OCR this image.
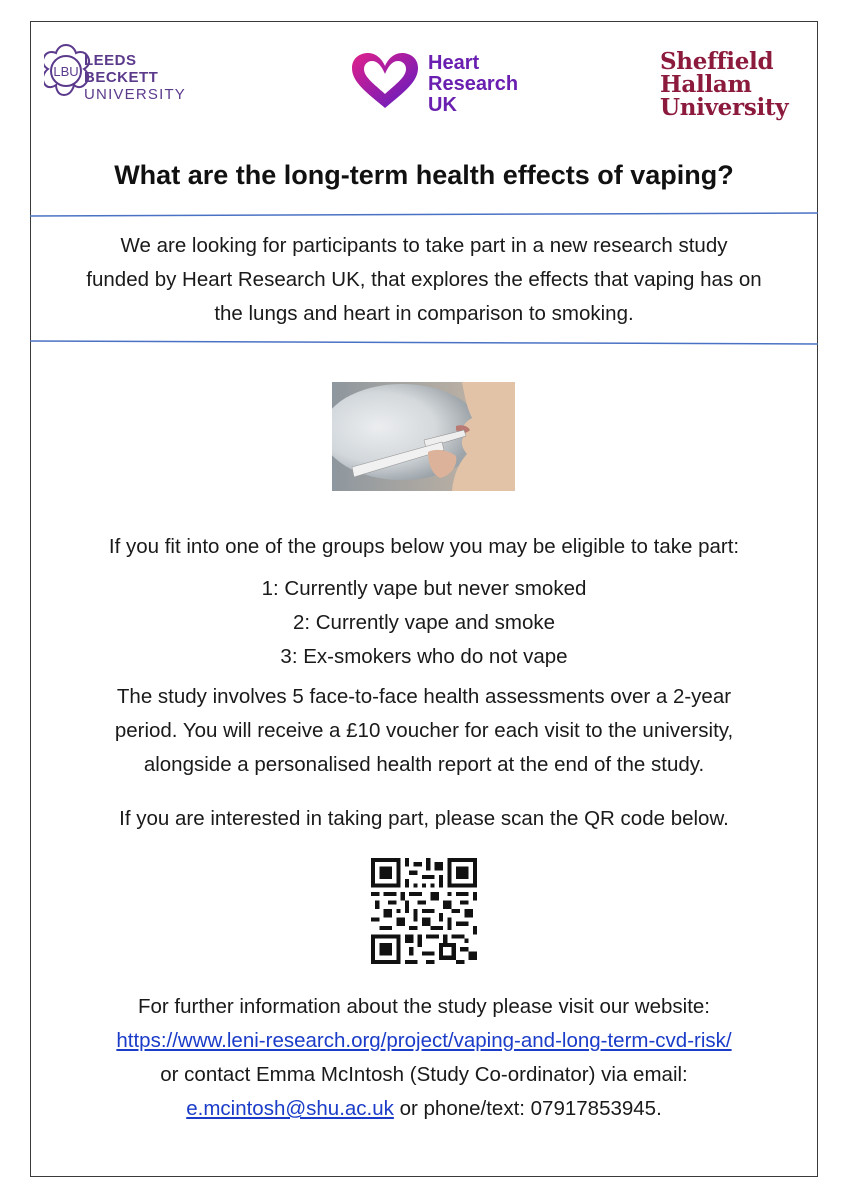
LBU
LEEDS
BECKETT
UNIVERSITY
Heart
Research
UK
Sheffield
Hallam
University
What are the long-term health effects of vaping?
We are looking for participants to take part in a new research study
funded by Heart Research UK, that explores the effects that vaping has on
the lungs and heart in comparison to smoking.
If you fit into one of the groups below you may be eligible to take part:
1: Currently vape but never smoked
2: Currently vape and smoke
3: Ex-smokers who do not vape
The study involves 5 face-to-face health assessments over a 2-year
period. You will receive a £10 voucher for each visit to the university,
alongside a personalised health report at the end of the study.
If you are interested in taking part, please scan the QR code below.
For further information about the study please visit our website:
https://www.leni-research.org/project/vaping-and-long-term-cvd-risk/
or contact Emma McIntosh (Study Co-ordinator) via email:
e.mcintosh@shu.ac.uk or phone/text: 07917853945.
